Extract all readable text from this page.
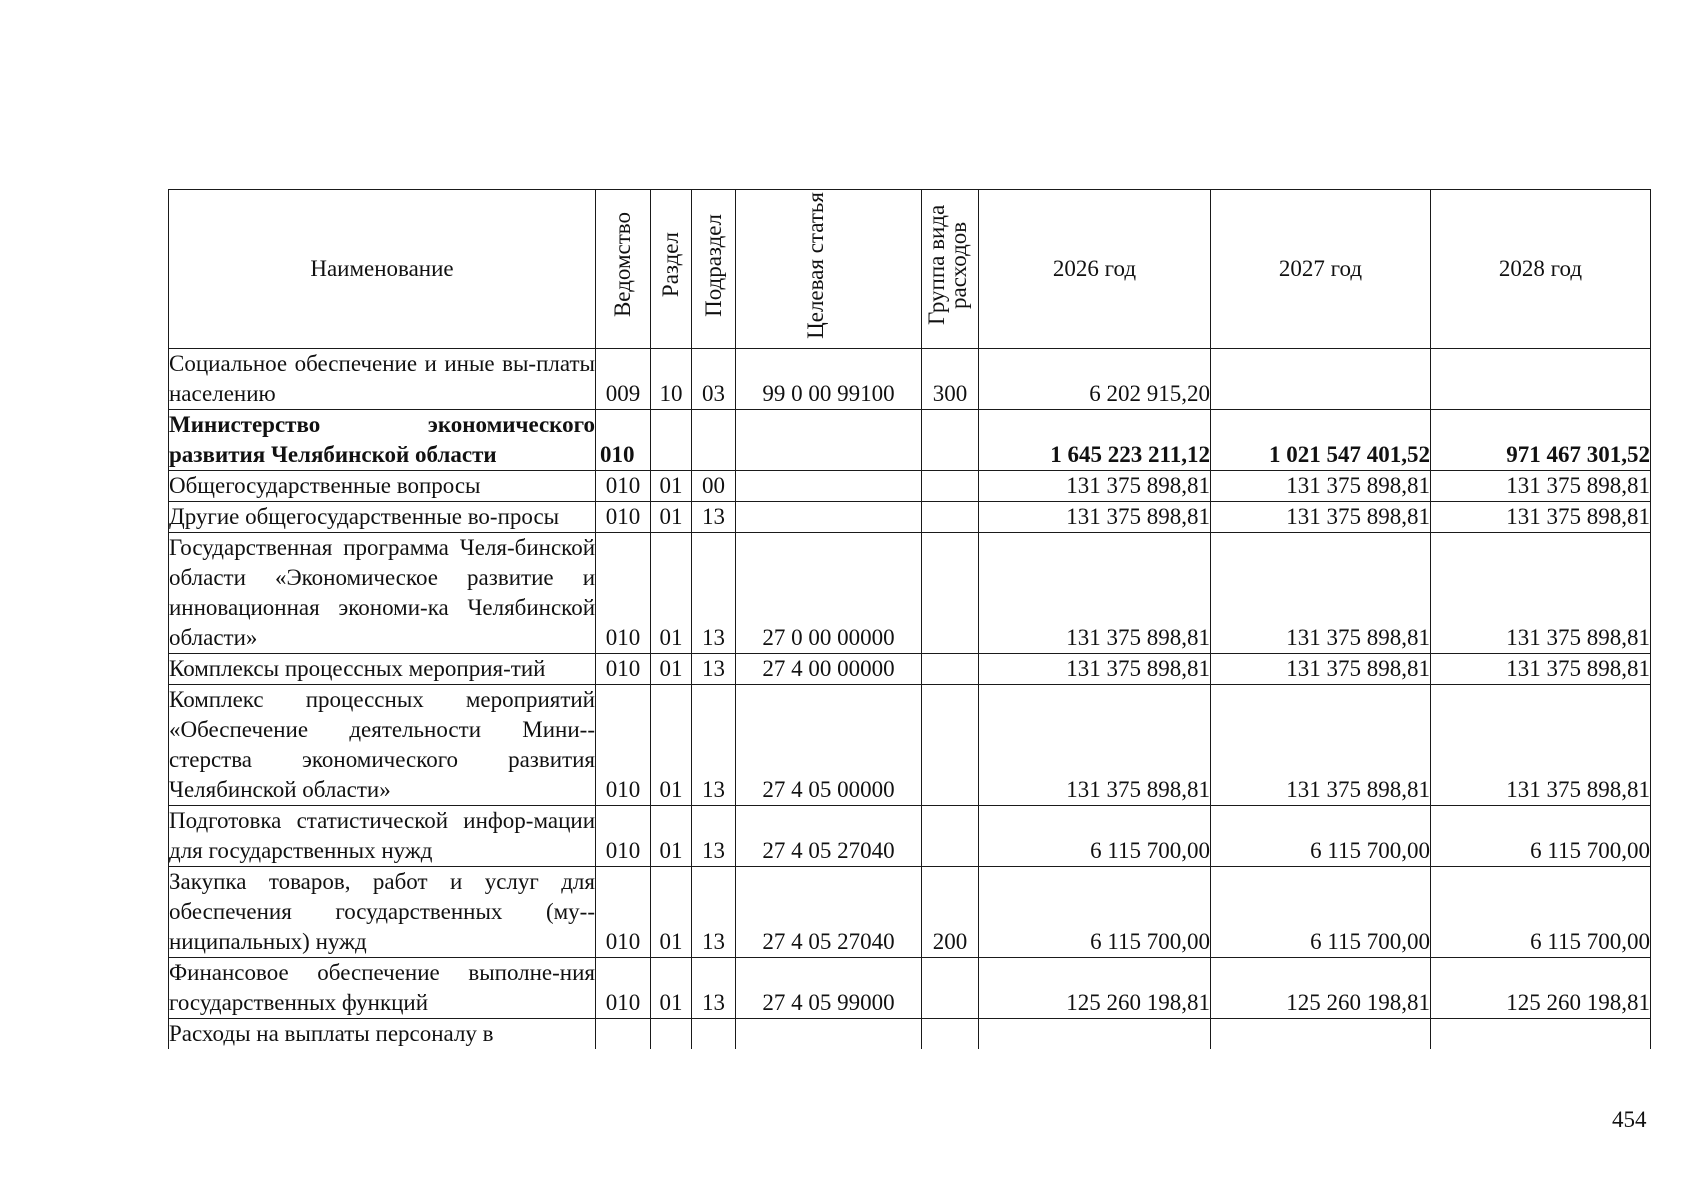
Наименование	Ведомство	Раздел	Подраздел	Целевая статья	Группа вида расходов	2026 год	2027 год	2028 год

Социальное обеспечение и иные вы-платы населению	009	10	03	99 0 00 99100	300	6 202 915,20		

Министерство экономического развития Челябинской области	010					1 645 223 211,12	1 021 547 401,52	971 467 301,52

Общегосударственные вопросы	010	01	00			131 375 898,81	131 375 898,81	131 375 898,81

Другие общегосударственные во-просы	010	01	13			131 375 898,81	131 375 898,81	131 375 898,81

Государственная программа Челя-бинской области «Экономическое развитие и инновационная экономи-ка Челябинской области»	010	01	13	27 0 00 00000		131 375 898,81	131 375 898,81	131 375 898,81

Комплексы процессных мероприя-тий	010	01	13	27 4 00 00000		131 375 898,81	131 375 898,81	131 375 898,81

Комплекс процессных мероприятий «Обеспечение деятельности Мини-стерства экономического развития Челябинской области»	010	01	13	27 4 05 00000		131 375 898,81	131 375 898,81	131 375 898,81

Подготовка статистической инфор-мации для государственных нужд	010	01	13	27 4 05 27040		6 115 700,00	6 115 700,00	6 115 700,00

Закупка товаров, работ и услуг для обеспечения государственных (му-ниципальных) нужд	010	01	13	27 4 05 27040	200	6 115 700,00	6 115 700,00	6 115 700,00

Финансовое обеспечение выполне-ния государственных функций	010	01	13	27 4 05 99000		125 260 198,81	125 260 198,81	125 260 198,81

Расходы на выплаты персоналу в								

454
